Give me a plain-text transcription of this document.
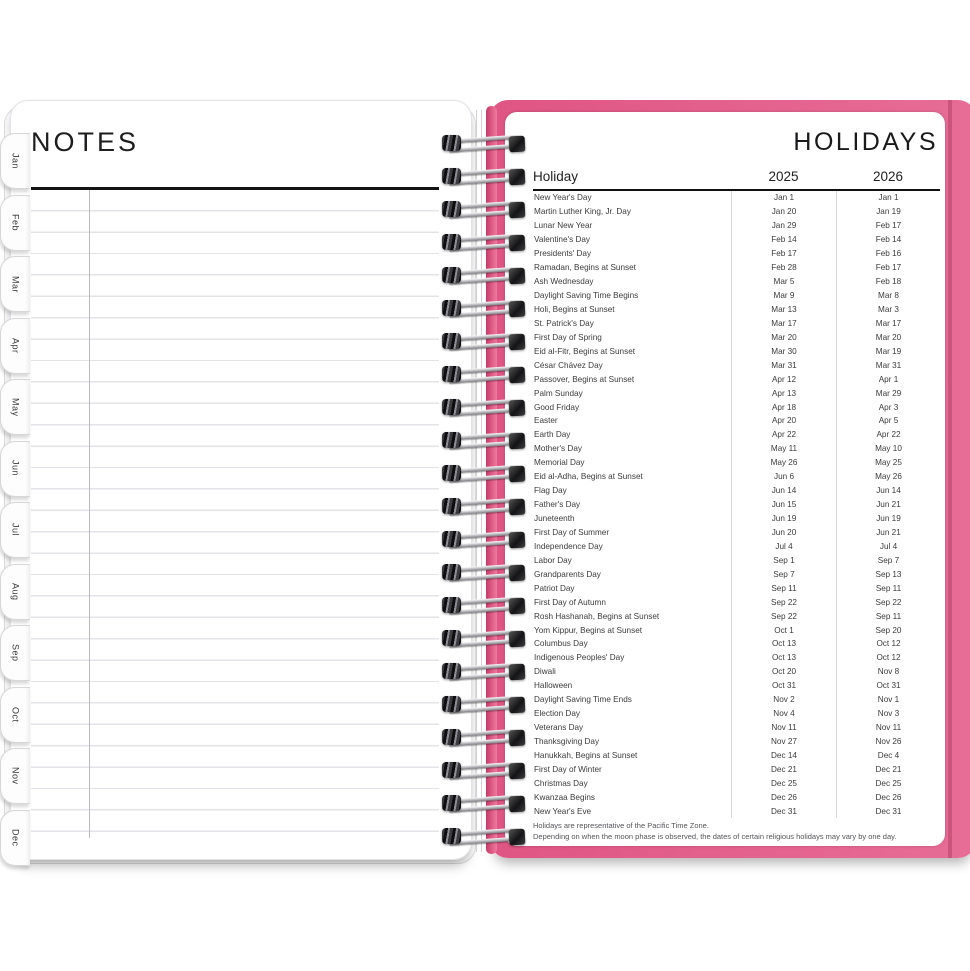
NOTES
Jan
Feb
Mar
Apr
May
Jun
Jul
Aug
Sep
Oct
Nov
Dec
HOLIDAYS
Holiday	2025	2026
New Year's Day	Jan 1	Jan 1
Martin Luther King, Jr. Day	Jan 20	Jan 19
Lunar New Year	Jan 29	Feb 17
Valentine's Day	Feb 14	Feb 14
Presidents' Day	Feb 17	Feb 16
Ramadan, Begins at Sunset	Feb 28	Feb 17
Ash Wednesday	Mar 5	Feb 18
Daylight Saving Time Begins	Mar 9	Mar 8
Holi, Begins at Sunset	Mar 13	Mar 3
St. Patrick's Day	Mar 17	Mar 17
First Day of Spring	Mar 20	Mar 20
Eid al-Fitr, Begins at Sunset	Mar 30	Mar 19
César Chávez Day	Mar 31	Mar 31
Passover, Begins at Sunset	Apr 12	Apr 1
Palm Sunday	Apr 13	Mar 29
Good Friday	Apr 18	Apr 3
Easter	Apr 20	Apr 5
Earth Day	Apr 22	Apr 22
Mother's Day	May 11	May 10
Memorial Day	May 26	May 25
Eid al-Adha, Begins at Sunset	Jun 6	May 26
Flag Day	Jun 14	Jun 14
Father's Day	Jun 15	Jun 21
Juneteenth	Jun 19	Jun 19
First Day of Summer	Jun 20	Jun 21
Independence Day	Jul 4	Jul 4
Labor Day	Sep 1	Sep 7
Grandparents Day	Sep 7	Sep 13
Patriot Day	Sep 11	Sep 11
First Day of Autumn	Sep 22	Sep 22
Rosh Hashanah, Begins at Sunset	Sep 22	Sep 11
Yom Kippur, Begins at Sunset	Oct 1	Sep 20
Columbus Day	Oct 13	Oct 12
Indigenous Peoples' Day	Oct 13	Oct 12
Diwali	Oct 20	Nov 8
Halloween	Oct 31	Oct 31
Daylight Saving Time Ends	Nov 2	Nov 1
Election Day	Nov 4	Nov 3
Veterans Day	Nov 11	Nov 11
Thanksgiving Day	Nov 27	Nov 26
Hanukkah, Begins at Sunset	Dec 14	Dec 4
First Day of Winter	Dec 21	Dec 21
Christmas Day	Dec 25	Dec 25
Kwanzaa Begins	Dec 26	Dec 26
New Year's Eve	Dec 31	Dec 31
Holidays are representative of the Pacific Time Zone.
Depending on when the moon phase is observed, the dates of certain religious holidays may vary by one day.
